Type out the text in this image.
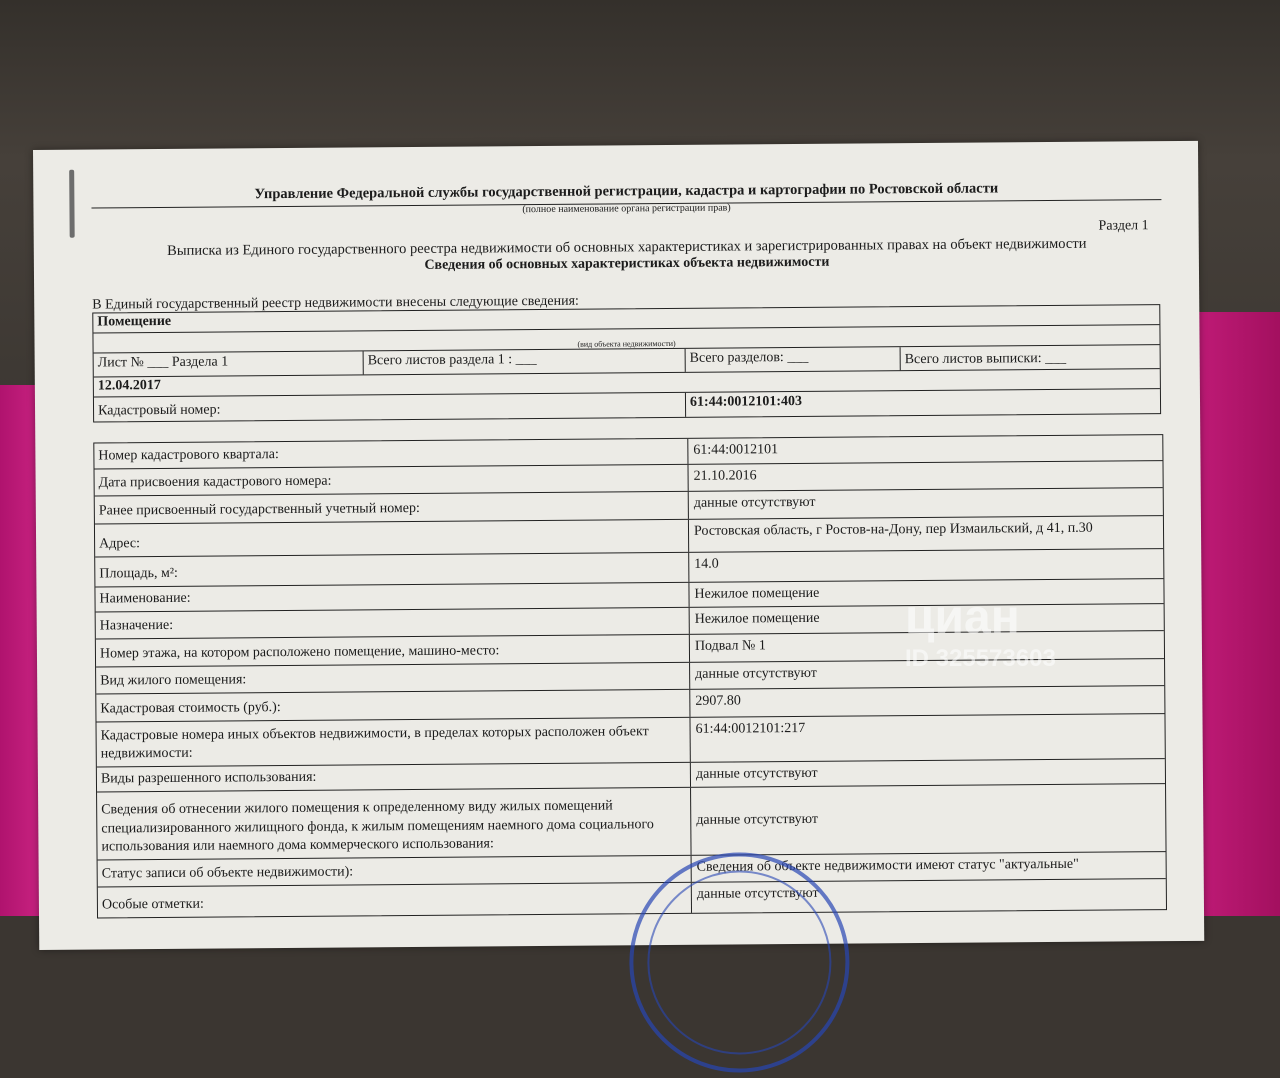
Управление Федеральной службы государственной регистрации, кадастра и картографии по Ростовской области
(полное наименование органа регистрации прав)
Раздел 1
Выписка из Единого государственного реестра недвижимости об основных характеристиках и зарегистрированных правах на объект недвижимости
Сведения об основных характеристиках объекта недвижимости
В Единый государственный реестр недвижимости внесены следующие сведения:
Помещение
(вид объекта недвижимости)
Лист № ___ Раздела 1	Всего листов раздела 1 : ___	Всего разделов: ___	Всего листов выписки: ___
12.04.2017
Кадастровый номер:
61:44:0012101:403
Номер кадастрового квартала:	61:44:0012101
Дата присвоения кадастрового номера:	21.10.2016
Ранее присвоенный государственный учетный номер:	данные отсутствуют
Адрес:
Ростовская область, г Ростов-на-Дону, пер Измаильский, д 41, п.30
Площадь, м²:
14.0
Наименование:	Нежилое помещение
Назначение:	Нежилое помещение
Номер этажа, на котором расположено помещение, машино-место:	Подвал № 1
Вид жилого помещения:	данные отсутствуют
Кадастровая стоимость (руб.):	2907.80
Кадастровые номера иных объектов недвижимости, в пределах которых расположен объект недвижимости:
61:44:0012101:217
Виды разрешенного использования:	данные отсутствуют
Сведения об отнесении жилого помещения к определенному виду жилых помещений специализированного жилищного фонда, к жилым помещениям наемного дома социального использования или наемного дома коммерческого использования:
данные отсутствуют
Статус записи об объекте недвижимости):	Сведения об объекте недвижимости имеют статус "актуальные"
Особые отметки:
данные отсутствуют
циан
ID 325573603
